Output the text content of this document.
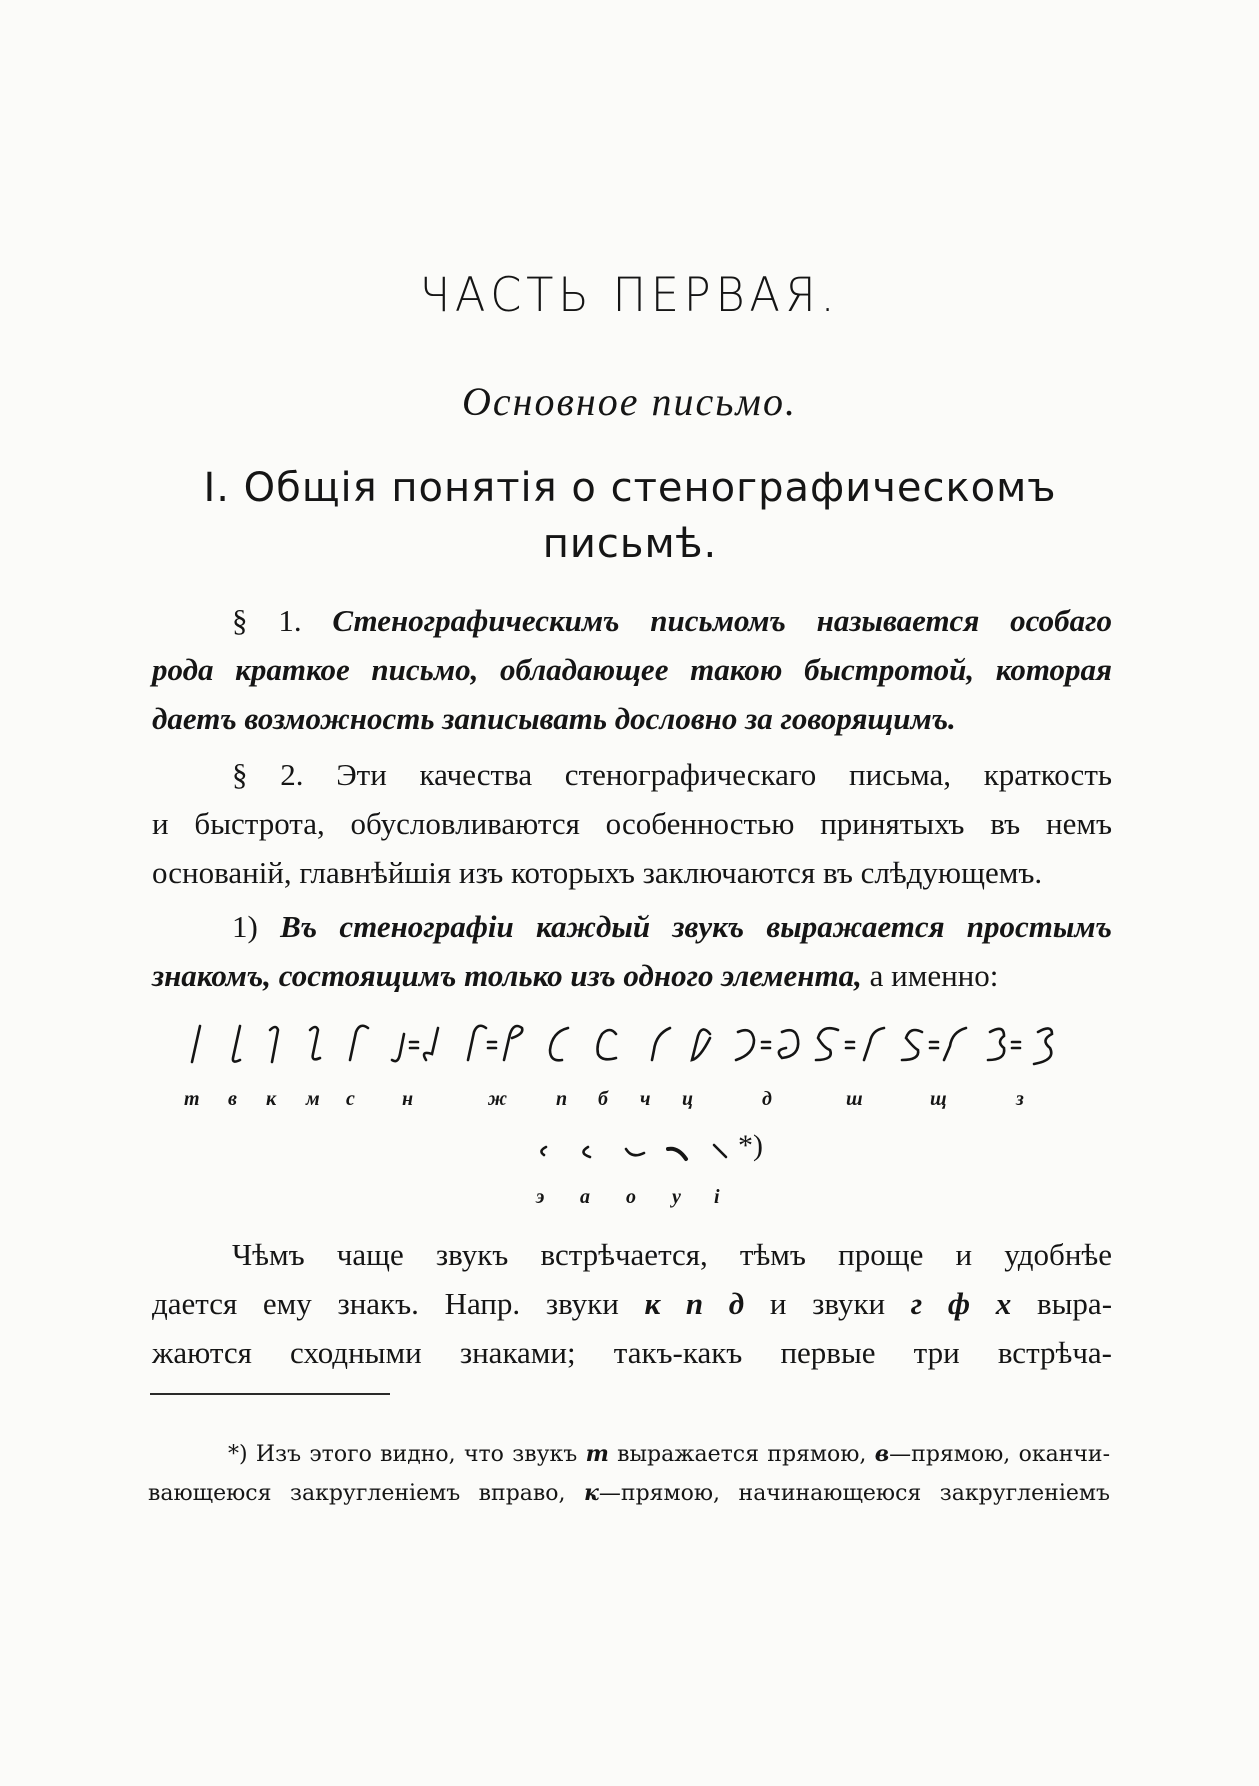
ЧАСТЬ ПЕРВАЯ.
Основное письмо.
I. Общія понятія о стенографическомъ
письмѣ.
§ 1. Стенографическимъ письмомъ называется особаго
рода краткое письмо, обладающее такою быстротой, которая
даетъ возможность записывать дословно за говорящимъ.
§ 2. Эти качества стенографическаго письма, краткость
и быстрота, обусловливаются особенностью принятыхъ въ немъ
основаній, главнѣйшія изъ которыхъ заключаются въ слѣдующемъ.
1) Въ стенографіи каждый звукъ выражается простымъ
знакомъ, состоящимъ только изъ одного элемента, а именно:
т в к м с н	ж п б ч ц	д	ш	щ	з
*)
э а о у і
Чѣмъ чаще звукъ встрѣчается, тѣмъ проще и удобнѣе
дается ему знакъ. Напр. звуки к п д и звуки г ф х выра-
жаются сходными знаками; такъ-какъ первые три встрѣча-
*) Изъ этого видно, что звукъ т выражается прямою, в—прямою, оканчи-
вающеюся закругленіемъ вправо, к—прямою, начинающеюся закругленіемъ
